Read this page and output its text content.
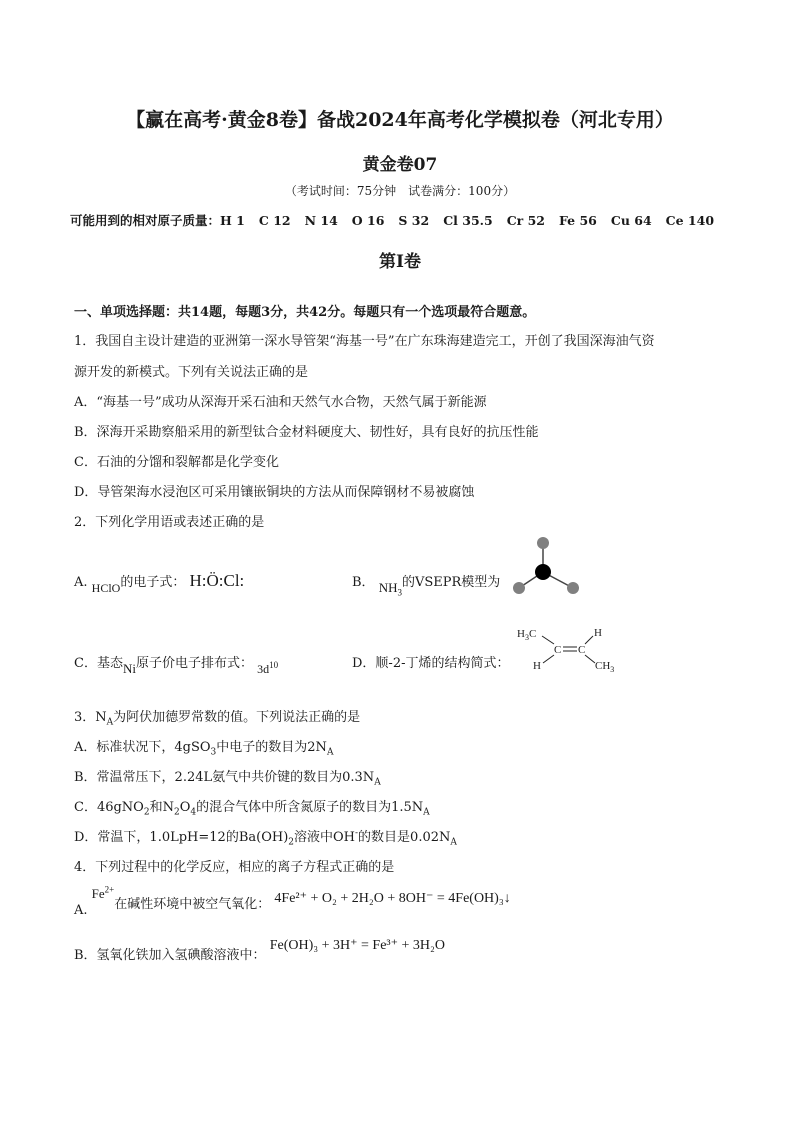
【赢在高考·黄金8卷】备战2024年高考化学模拟卷（河北专用）
黄金卷07
（考试时间：75分钟　试卷满分：100分）
可能用到的相对原子质量：H 1 C 12 N 14 O 16 S 32 Cl 35.5 Cr 52 Fe 56 Cu 64 Ce 140
第Ⅰ卷
一、单项选择题：共14题，每题3分，共42分。每题只有一个选项最符合题意。
1．我国自主设计建造的亚洲第一深水导管架“海基一号”在广东珠海建造完工，开创了我国深海油气资
源开发的新模式。下列有关说法正确的是
A．“海基一号”成功从深海开采石油和天然气水合物，天然气属于新能源
B．深海开采勘察船采用的新型钛合金材料硬度大、韧性好，具有良好的抗压性能
C．石油的分馏和裂解都是化学变化
D．导管架海水浸泡区可采用镶嵌铜块的方法从而保障钢材不易被腐蚀
2．下列化学用语或表述正确的是
A. HClO的电子式： H:Ö:Cl:	B． $NH_3$的VSEPR模型为
C．基态Ni原子价电子排布式： $3d^{10}$	D．顺-2-丁烯的结构简式：
$H_3C$
C C
H
H	$CH_3$
3．$N_A$为阿伏加德罗常数的值。下列说法正确的是
A．标准状况下，4gSO$_3$中电子的数目为$2N_A$
B．常温常压下，2.24L氨气中共价键的数目为$0.3N_A$
C．46gNO$_2$和$N_2O_4$的混合气体中所含氮原子的数目为$1.5N_A$
D．常温下，1.0LpH=12的$Ba(OH)_2$溶液中OH-的数目是$0.02N_A$
4．下列过程中的化学反应，相应的离子方程式正确的是
A. $Fe^{2+}$在碱性环境中被空气氧化： 4Fe²⁺ + O₂ + 2H₂O + 8OH⁻ = 4Fe(OH)₃↓
B．氢氧化铁加入氢碘酸溶液中： Fe(OH)₃ + 3H⁺ = Fe³⁺ + 3H₂O
